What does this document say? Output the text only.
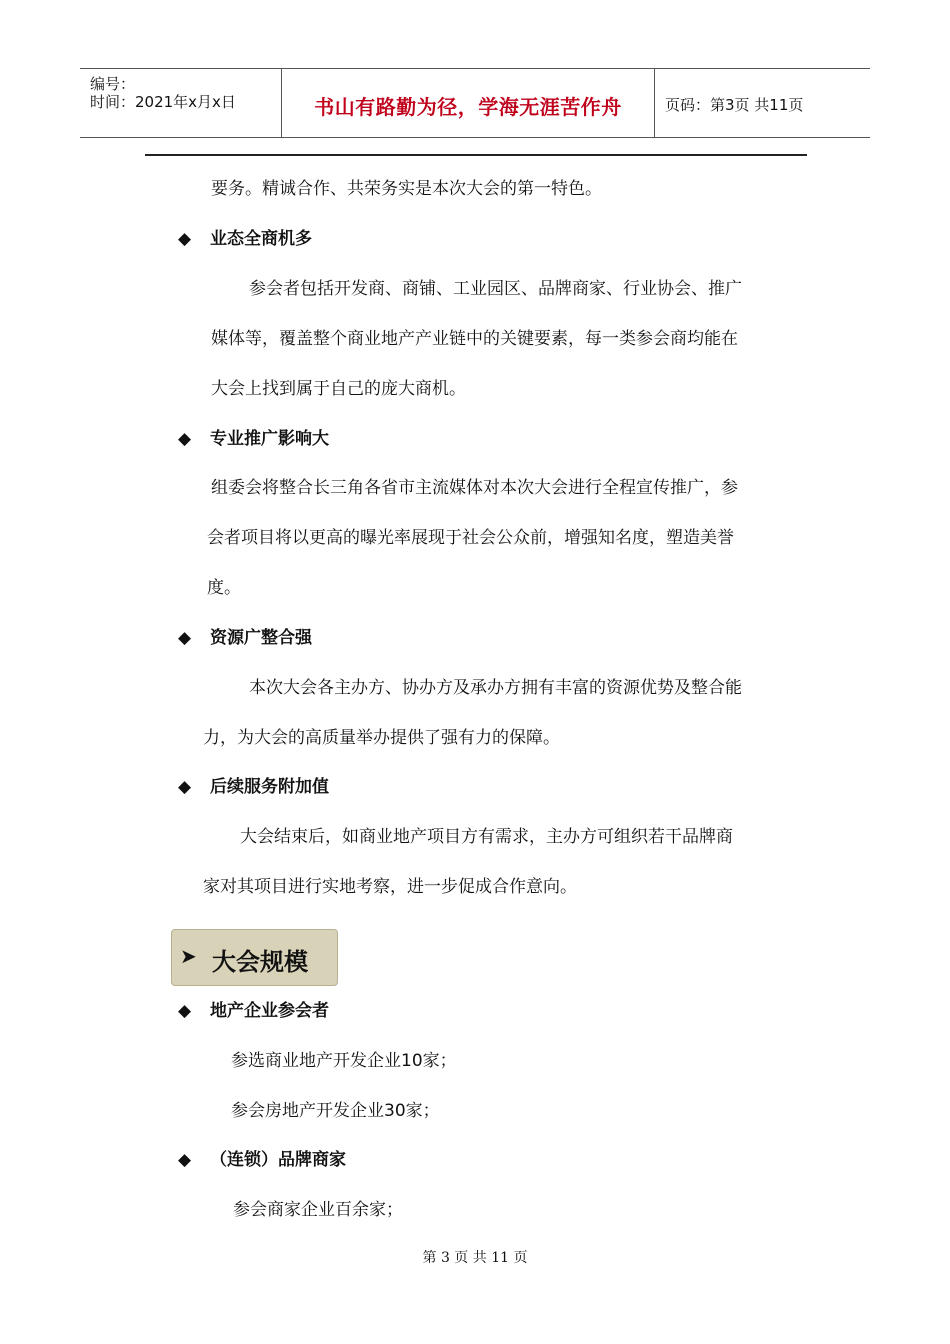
编号：
时间：2021年x月x日	书山有路勤为径，学海无涯苦作舟	页码：第3页 共11页
要务。精诚合作、共荣务实是本次大会的第一特色。
◆ 业态全商机多
参会者包括开发商、商铺、工业园区、品牌商家、行业协会、推广
媒体等，覆盖整个商业地产产业链中的关键要素，每一类参会商均能在
大会上找到属于自己的庞大商机。
◆ 专业推广影响大
组委会将整合长三角各省市主流媒体对本次大会进行全程宣传推广，参
会者项目将以更高的曝光率展现于社会公众前，增强知名度，塑造美誉
度。
◆ 资源广整合强
本次大会各主办方、协办方及承办方拥有丰富的资源优势及整合能
力，为大会的高质量举办提供了强有力的保障。
◆ 后续服务附加值
大会结束后，如商业地产项目方有需求，主办方可组织若干品牌商
家对其项目进行实地考察，进一步促成合作意向。
➤ 大会规模
◆ 地产企业参会者
参选商业地产开发企业10家；
参会房地产开发企业30家；
◆ （连锁）品牌商家
参会商家企业百余家；
第 3 页 共 11 页
